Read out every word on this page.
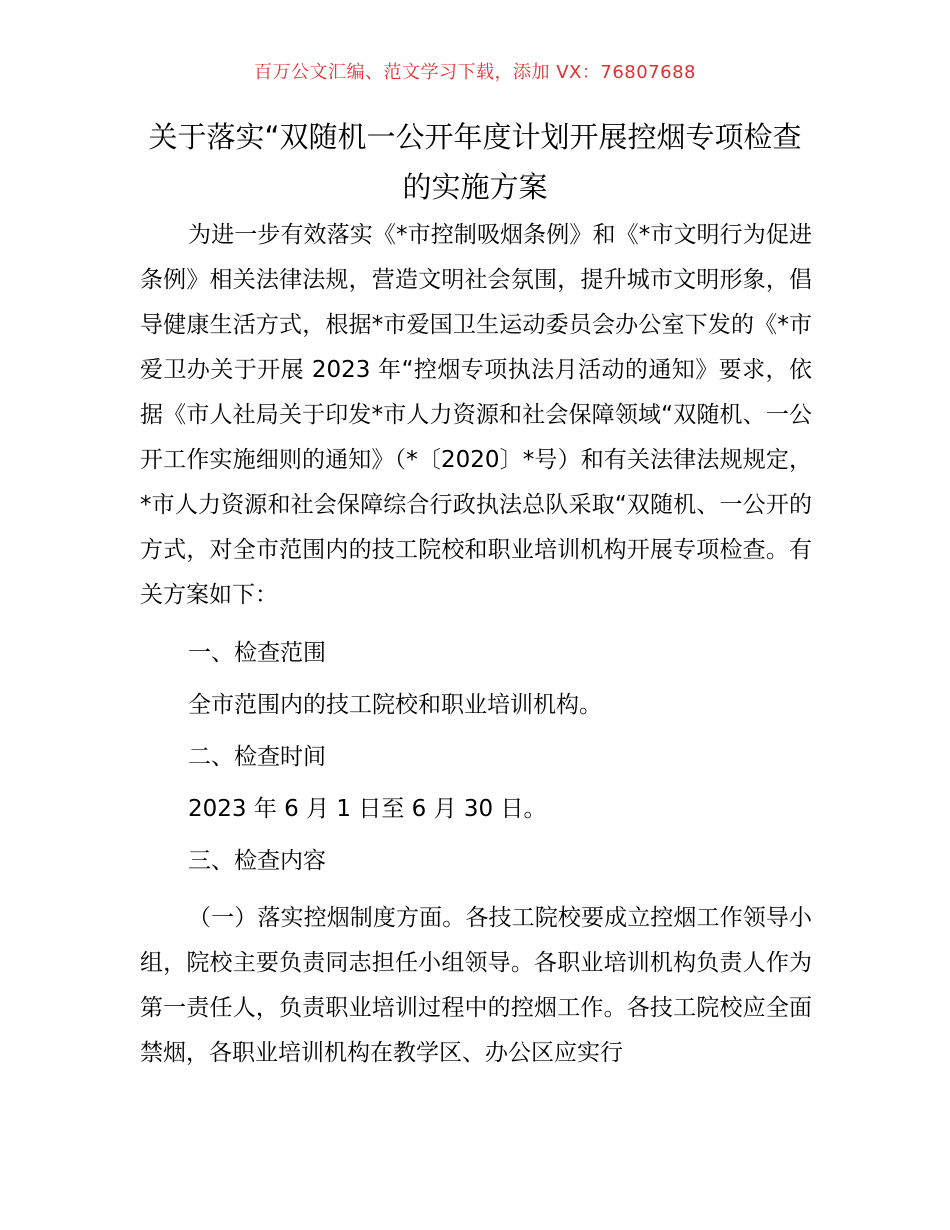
百万公文汇编、范文学习下载，添加 VX：76807688
关于落实“双随机一公开年度计划开展控烟专项检查的实施方案

为进一步有效落实《*市控制吸烟条例》和《*市文明行为促进条例》相关法律法规，营造文明社会氛围，提升城市文明形象，倡导健康生活方式，根据*市爱国卫生运动委员会办公室下发的《*市爱卫办关于开展 2023 年“控烟专项执法月活动的通知》要求，依据《市人社局关于印发*市人力资源和社会保障领域“双随机、一公开工作实施细则的通知》（*〔2020〕*号）和有关法律法规规定，*市人力资源和社会保障综合行政执法总队采取“双随机、一公开的方式，对全市范围内的技工院校和职业培训机构开展专项检查。有关方案如下：

一、检查范围

全市范围内的技工院校和职业培训机构。

二、检查时间

2023 年 6 月 1 日至 6 月 30 日。

三、检查内容

（一）落实控烟制度方面。各技工院校要成立控烟工作领导小组，院校主要负责同志担任小组领导。各职业培训机构负责人作为第一责任人，负责职业培训过程中的控烟工作。各技工院校应全面禁烟，各职业培训机构在教学区、办公区应实行
